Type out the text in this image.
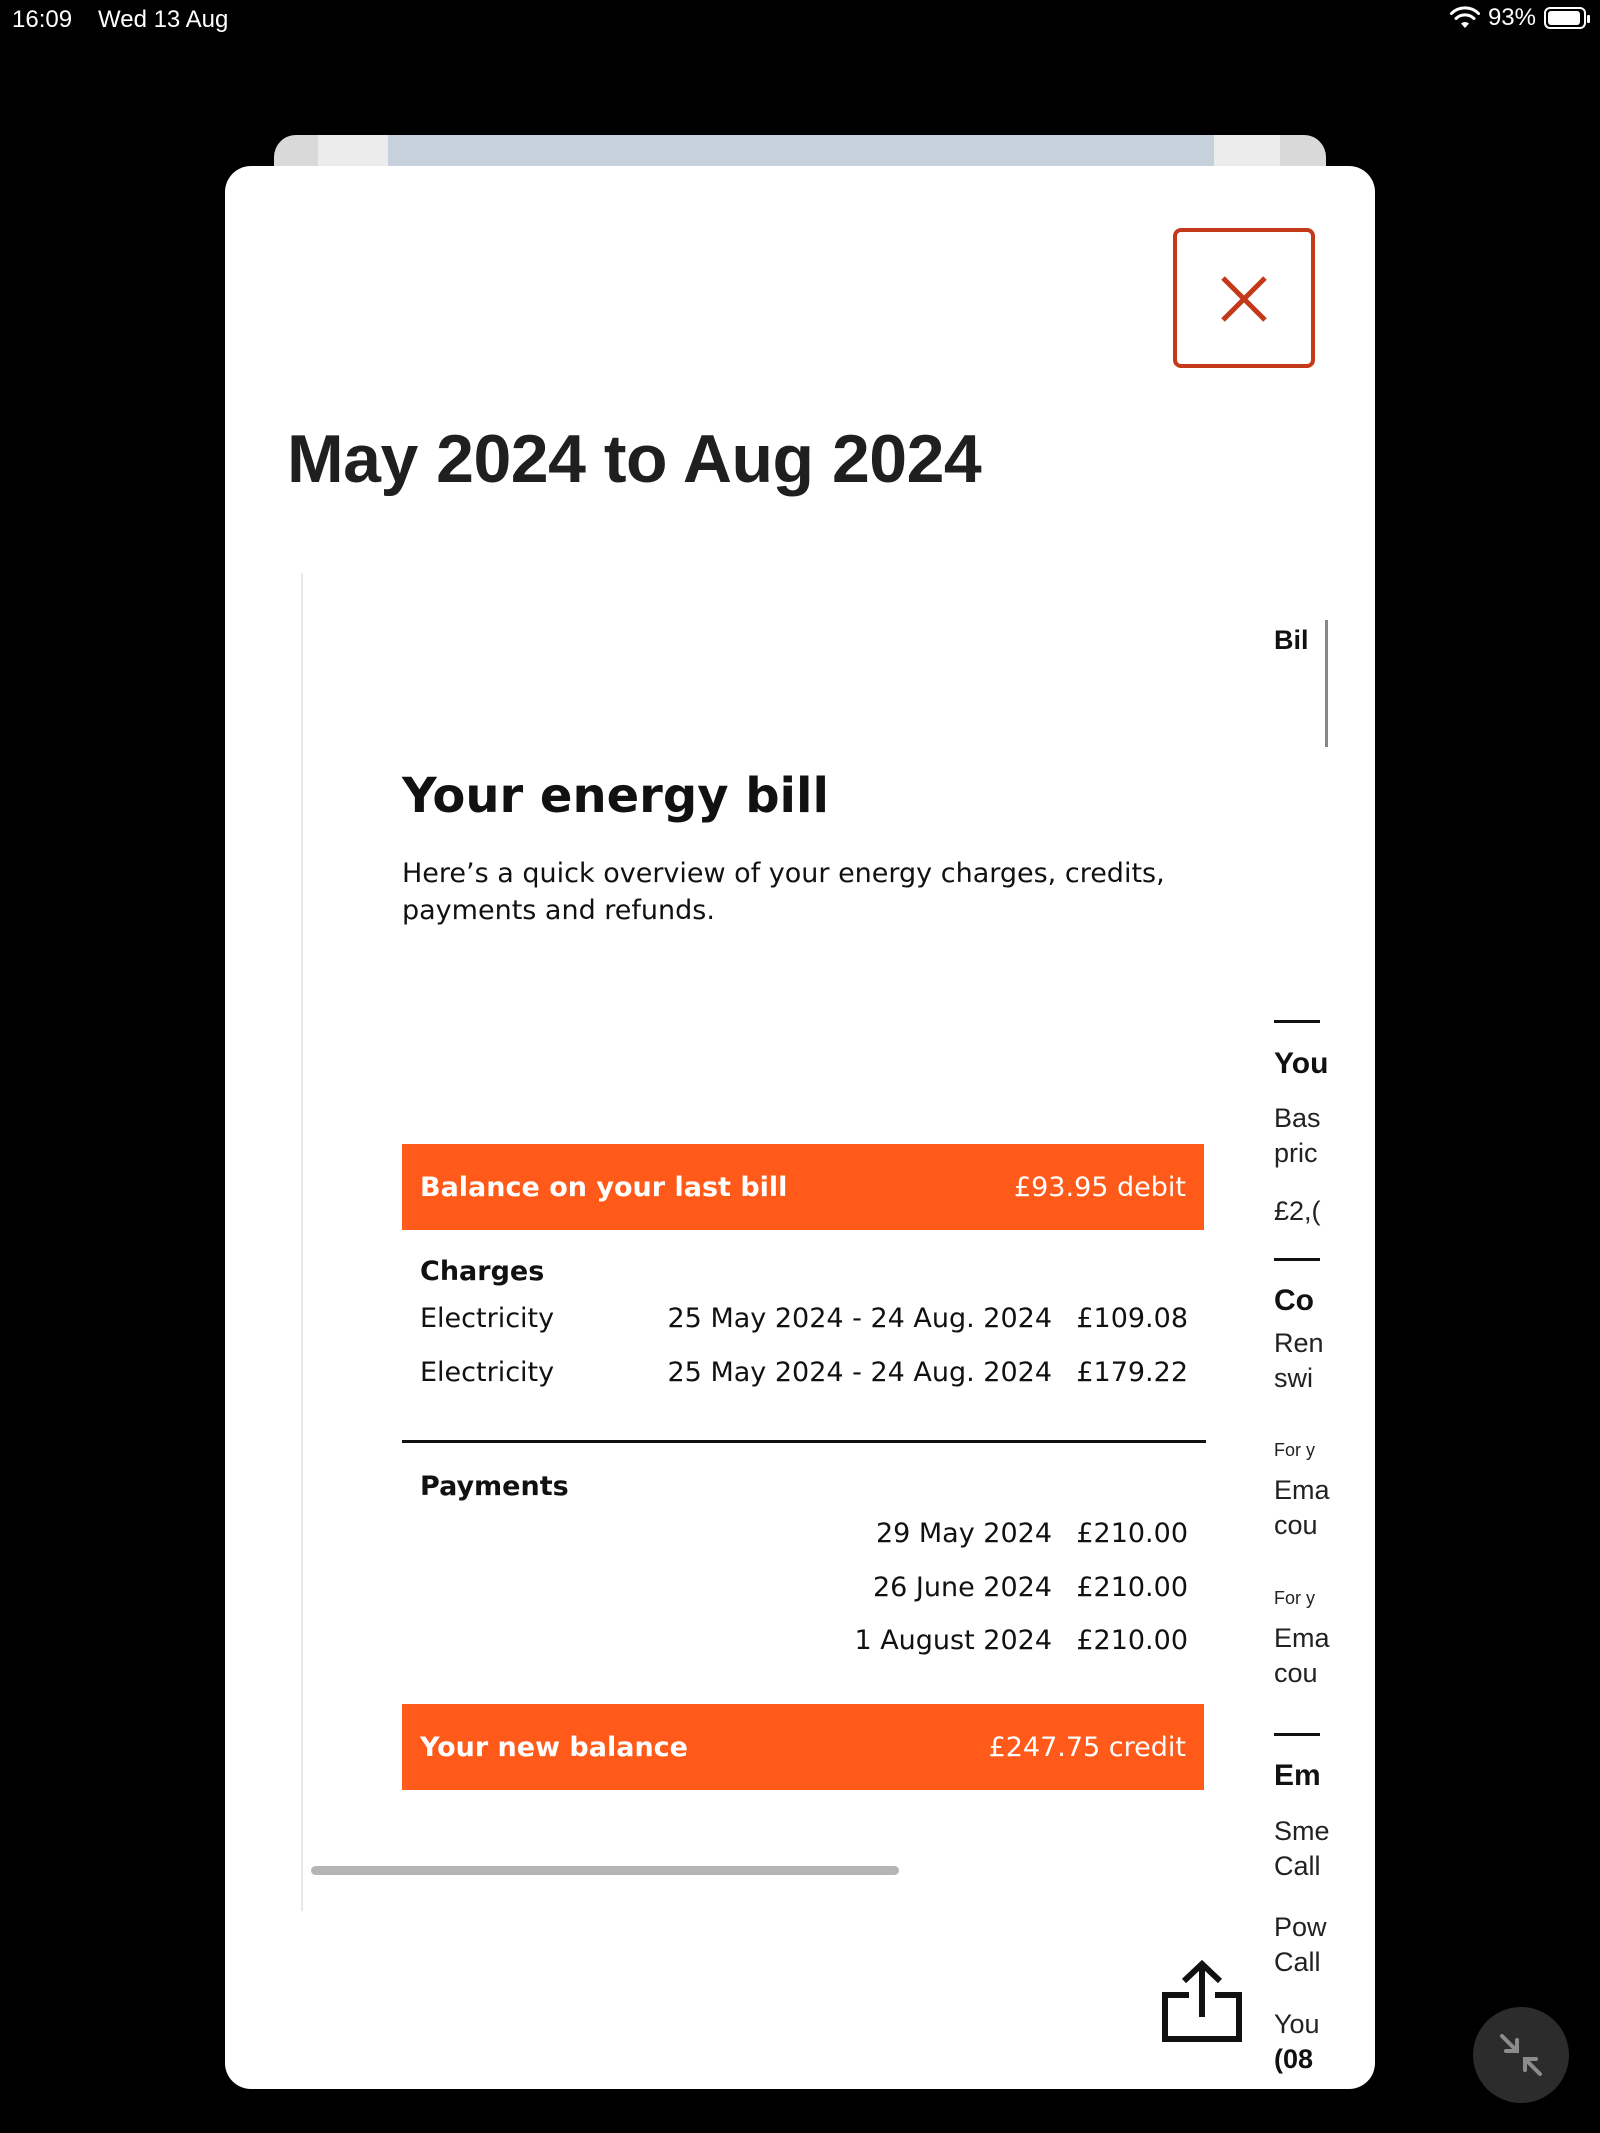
16:09 Wed 13 Aug	93%
May 2024 to Aug 2024
Your energy bill
Here’s a quick overview of your energy charges, credits, payments and refunds.
Balance on your last bill	£93.95 debit
Charges
Electricity	25 May 2024 - 24 Aug. 2024 £109.08
Electricity	25 May 2024 - 24 Aug. 2024 £179.22
Payments
29 May 2024 £210.00
26 June 2024 £210.00
1 August 2024 £210.00
Your new balance	£247.75 credit
Bil
You
Bas
pric
£2,(
Co
Ren
swi
For y
Ema
cou
For y
Ema
cou
Em
Sme
Call
Pow
Call
You
(08
